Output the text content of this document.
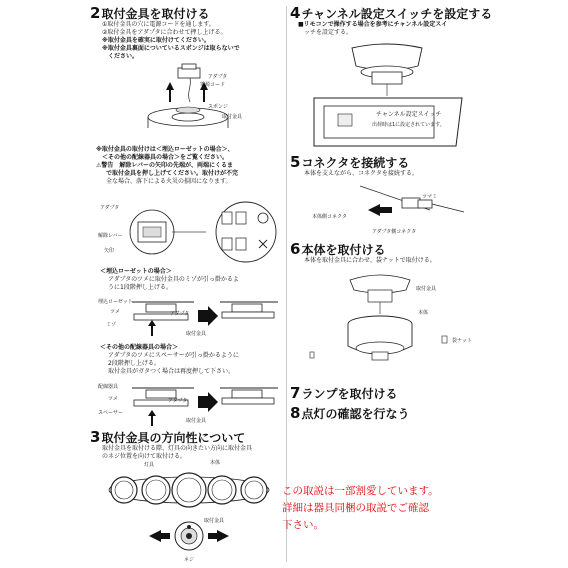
2取付金具を取付ける
①取付金具の穴に電源コードを通します。
②取付金具をアダプタに合わせて押し上げる。
※取付金具を確実に取付けてください。
※取付金具裏面についているスポンジは取らないで
　ください。
アダプタ
電源コード
スポンジ
取付金具
※取付金具の取付けは＜埋込ローゼットの場合＞、
＜その他の配線器具の場合＞をご覧ください。
⚠警告　解除レバーの矢印の先端が、両端にくるま
で取付金具を押し上げてください。取付けが不完
全な場合、落下による火災の損因になります。
アダプタ
解除レバー
矢印
＜埋込ローゼットの場合＞
アダプタのツメに取付金具のミゾが引っ掛かるよ
うに1段階押し上げる。
埋込ローゼット
ツメ
ミゾ
アダプタ
取付金具
＜その他の配線器具の場合＞
アダプタのツメにスペーサーが引っ掛かるように
2段階押し上げる。
取付金具がガタつく場合は再度押して下さい。
配線器具
ツメ
スペーサー
アダプタ
取付金具
3取付金具の方向性について
取付金具を取付ける際、灯具の向きたい方向に取付金具
のネジ位置を向けて取付ける。
灯具	本体
取付金具
ネジ
4チャンネル設定スイッチを設定する
■リモコンで操作する場合を参考にチャンネル設定スイ
ッチを設定する。
チャンネル設定スイッチ
出荷時は1に設定されています。
5コネクタを接続する
本体を支えながら、コネクタを接続する。
ツマミ
本体側コネクタ
アダプタ側コネクタ
6本体を取付ける
本体を取付金具に合わせ、袋ナットで取付ける。
取付金具
本体
袋ナット
7ランプを取付ける
8点灯の確認を行なう
この取説は一部割愛しています。
詳細は器具同梱の取説でご確認
下さい。
